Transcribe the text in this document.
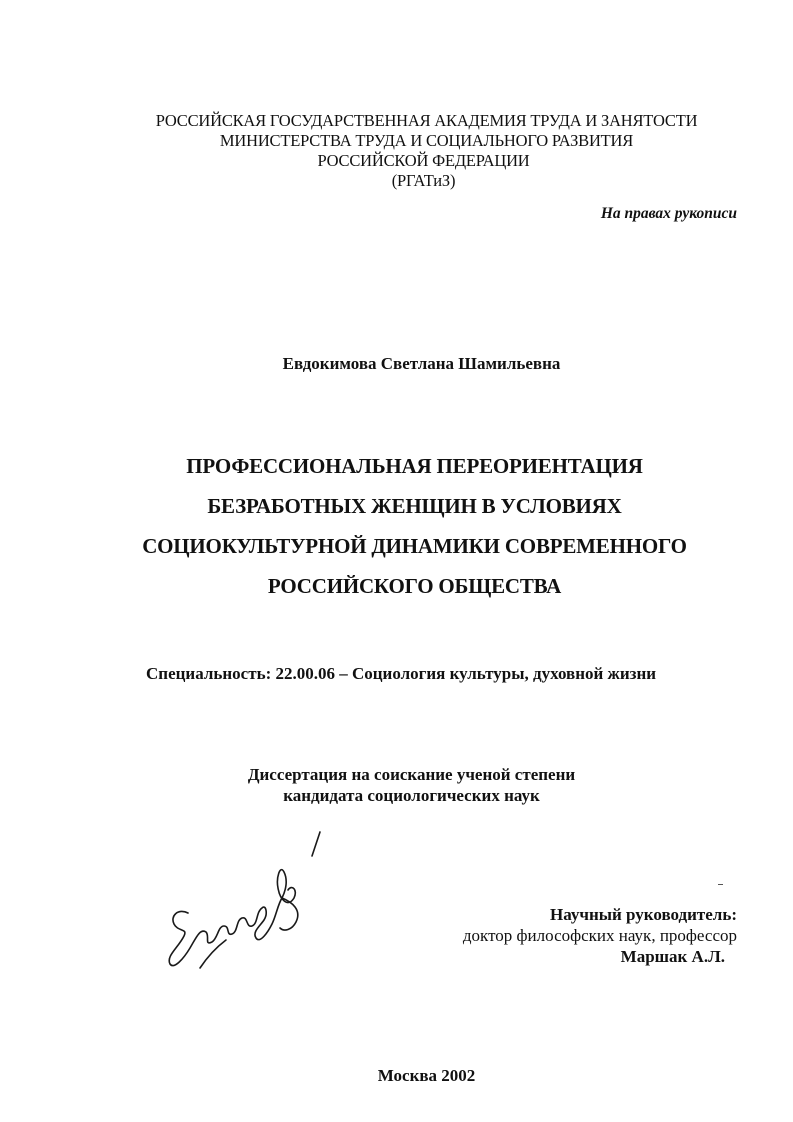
РОССИЙСКАЯ ГОСУДАРСТВЕННАЯ АКАДЕМИЯ ТРУДА И ЗАНЯТОСТИ
МИНИСТЕРСТВА ТРУДА И СОЦИАЛЬНОГО РАЗВИТИЯ
РОССИЙСКОЙ ФЕДЕРАЦИИ
(РГАТиЗ)
На правах рукописи
Евдокимова Светлана Шамильевна
ПРОФЕССИОНАЛЬНАЯ ПЕРЕОРИЕНТАЦИЯ
БЕЗРАБОТНЫХ ЖЕНЩИН В УСЛОВИЯХ
СОЦИОКУЛЬТУРНОЙ ДИНАМИКИ СОВРЕМЕННОГО
РОССИЙСКОГО ОБЩЕСТВА
Специальность: 22.00.06 – Социология культуры, духовной жизни
Диссертация на соискание ученой степени
кандидата социологических наук
Научный руководитель:
доктор философских наук, профессор
Маршак А.Л.
Москва 2002
